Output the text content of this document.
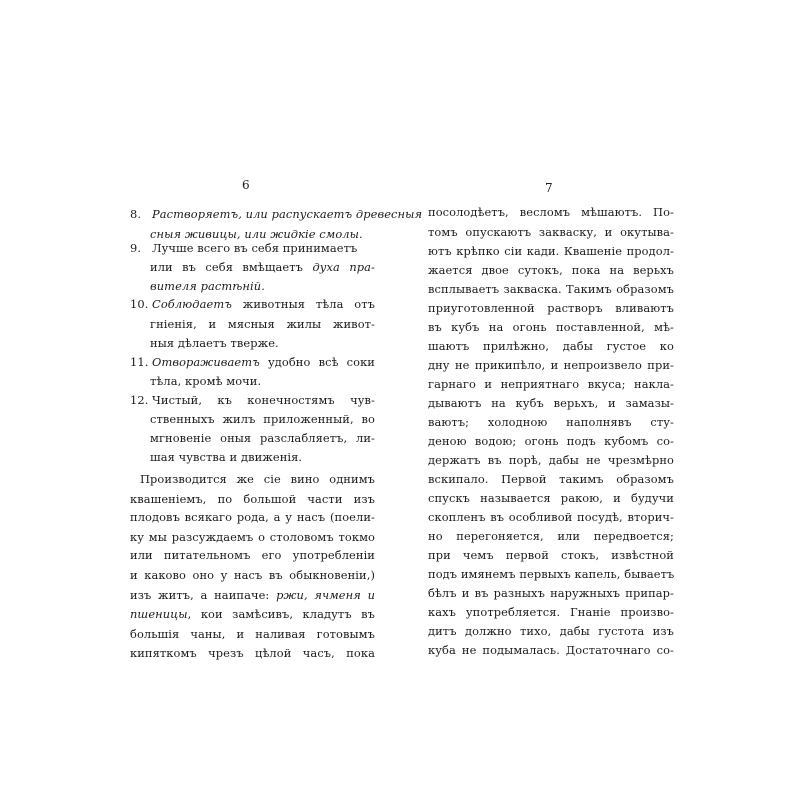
6
8. Растворяетъ, или распускаетъ древесныя
сныя живицы, или жидкiе смолы.
9. Лучше всего въ себя принимаетъ
или въ себя вмѣщаетъ духа пра-
вителя растѣнiй.
10. Соблюдаетъ животныя тѣла отъ
гнiенiя, и мясныя жилы живот-
ныя дѣлаетъ тверже.
11. Отвораживаетъ удобно всѣ соки
тѣла, кромѣ мочи.
12. Чистый, къ конечностямъ чув-
ственныхъ жилъ приложенный, во
мгновенiе оныя разслабляетъ, ли-
шая чувства и движенiя.
Производится же сiе вино однимъ
квашенiемъ, по большой части изъ
плодовъ всякаго рода, а у насъ (поели-
ку мы разсуждаемъ о столовомъ токмо
или питательномъ его употребленiи
и каково оно у насъ въ обыкновенiи,)
изъ житъ, а наипаче: ржи, ячменя и
пшеницы, кои замѣсивъ, кладутъ въ
большiя чаны, и наливая готовымъ
кипяткомъ чрезъ цѣлой часъ, пока
7
посолодѣетъ, весломъ мѣшаютъ. По-
томъ опускаютъ закваску, и окутыва-
ютъ крѣпко сiи кади. Квашенiе продол-
жается двое сутокъ, пока на верьхъ
всплываетъ закваска. Такимъ образомъ
приуготовленной растворъ вливаютъ
въ кубъ на огонь поставленной, мѣ-
шаютъ прилѣжно, дабы густое ко
дну не прикипѣло, и непроизвело при-
гарнаго и неприятнаго вкуса; накла-
дываютъ на кубъ верьхъ, и замазы-
ваютъ; холодною наполнявъ сту-
деною водою; огонь подъ кубомъ со-
держатъ въ порѣ, дабы не чрезмѣрно
вскипало. Первой такимъ образомъ
спускъ называется ракою, и будучи
скопленъ въ особливой посудѣ, вторич-
но перегоняется, или передвоется;
при чемъ первой стокъ, извѣстной
подъ имянемъ первыхъ капель, бываетъ
бѣлъ и въ разныхъ наружныхъ припар-
кахъ употребляется. Гнанiе произво-
дитъ должно тихо, дабы густота изъ
куба не подымалась. Достаточнаго со-
